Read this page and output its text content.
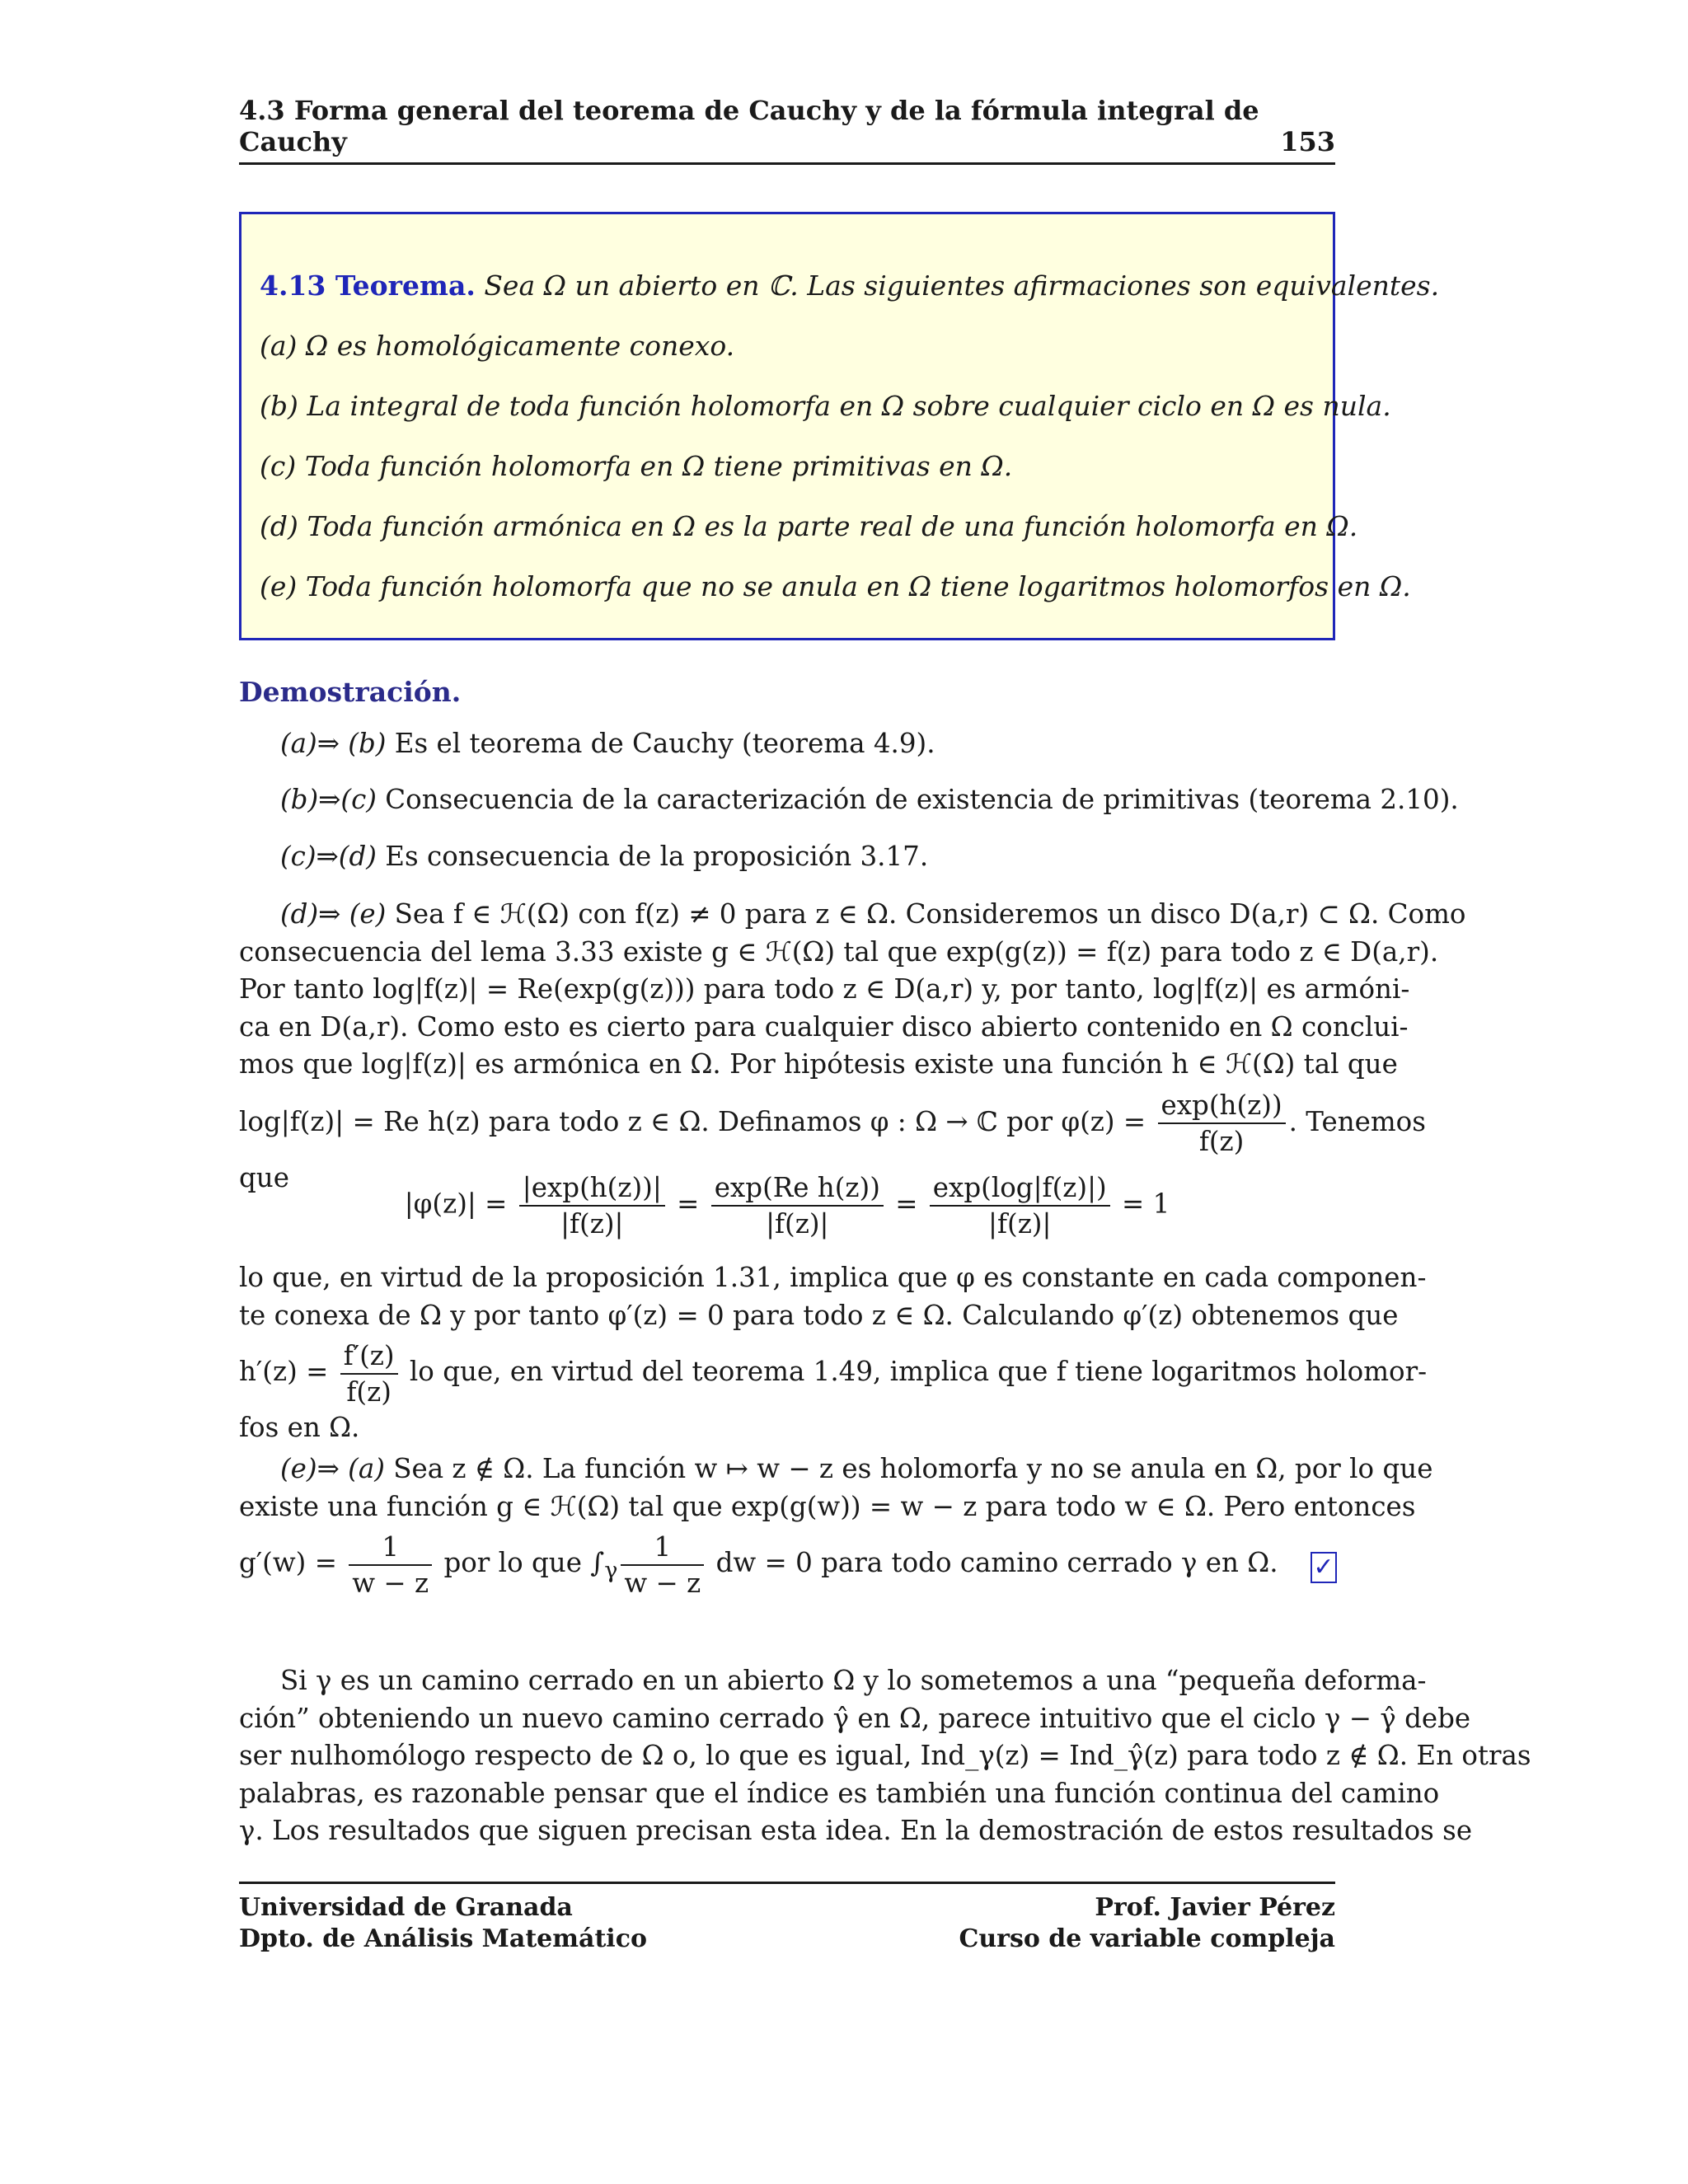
4.3 Forma general del teorema de Cauchy y de la fórmula integral de Cauchy	153
4.13 Teorema. Sea Ω un abierto en ℂ. Las siguientes afirmaciones son equivalentes.
(a) Ω es homológicamente conexo.
(b) La integral de toda función holomorfa en Ω sobre cualquier ciclo en Ω es nula.
(c) Toda función holomorfa en Ω tiene primitivas en Ω.
(d) Toda función armónica en Ω es la parte real de una función holomorfa en Ω.
(e) Toda función holomorfa que no se anula en Ω tiene logaritmos holomorfos en Ω.
Demostración.
(a)⇒ (b) Es el teorema de Cauchy (teorema 4.9).
(b)⇒(c) Consecuencia de la caracterización de existencia de primitivas (teorema 2.10).
(c)⇒(d) Es consecuencia de la proposición 3.17.
(d)⇒ (e) Sea f ∈ ℋ(Ω) con f(z) ≠ 0 para z ∈ Ω. Consideremos un disco D(a,r) ⊂ Ω. Como
consecuencia del lema 3.33 existe g ∈ ℋ(Ω) tal que exp(g(z)) = f(z) para todo z ∈ D(a,r).
Por tanto log|f(z)| = Re(exp(g(z))) para todo z ∈ D(a,r) y, por tanto, log|f(z)| es armóni-
ca en D(a,r). Como esto es cierto para cualquier disco abierto contenido en Ω conclui-
mos que log|f(z)| es armónica en Ω. Por hipótesis existe una función h ∈ ℋ(Ω) tal que
log|f(z)| = Re h(z) para todo z ∈ Ω. Definamos φ : Ω → ℂ por $\varphi(z) = \frac{\exp(h(z))}{f(z)}$ . Tenemos
que
$|\varphi(z)| = \frac{|\exp(h(z))|}{|f(z)|} = \frac{\text{exp(Re h(z))}}{|f(z)|} = \frac{\exp(\log|f(z)|)}{|f(z)|} = 1$
lo que, en virtud de la proposición 1.31, implica que φ es constante en cada componen-
te conexa de Ω y por tanto φ′(z) = 0 para todo z ∈ Ω. Calculando φ′(z) obtenemos que
$h'(z) = \frac{f'(z)}{f(z)}$ lo que, en virtud del teorema 1.49, implica que f tiene logaritmos holomor-
fos en Ω.
(e)⇒ (a) Sea z ∉ Ω. La función w ↦ w − z es holomorfa y no se anula en Ω, por lo que
existe una función g ∈ ℋ(Ω) tal que exp(g(w)) = w − z para todo w ∈ Ω. Pero entonces
$g'(w) = \frac{1}{w - z}$ por lo que $\int_\gamma \frac{1}{w - z}$ dw = 0 para todo camino cerrado γ en Ω.	✓
Si γ es un camino cerrado en un abierto Ω y lo sometemos a una “pequeña deforma-
ción” obteniendo un nuevo camino cerrado γ̂ en Ω, parece intuitivo que el ciclo γ − γ̂ debe
ser nulhomólogo respecto de Ω o, lo que es igual, Ind_γ(z) = Ind_γ̂(z) para todo z ∉ Ω. En otras
palabras, es razonable pensar que el índice es también una función continua del camino
γ. Los resultados que siguen precisan esta idea. En la demostración de estos resultados se
Universidad de Granada	Prof. Javier Pérez
Dpto. de Análisis Matemático	Curso de variable compleja
